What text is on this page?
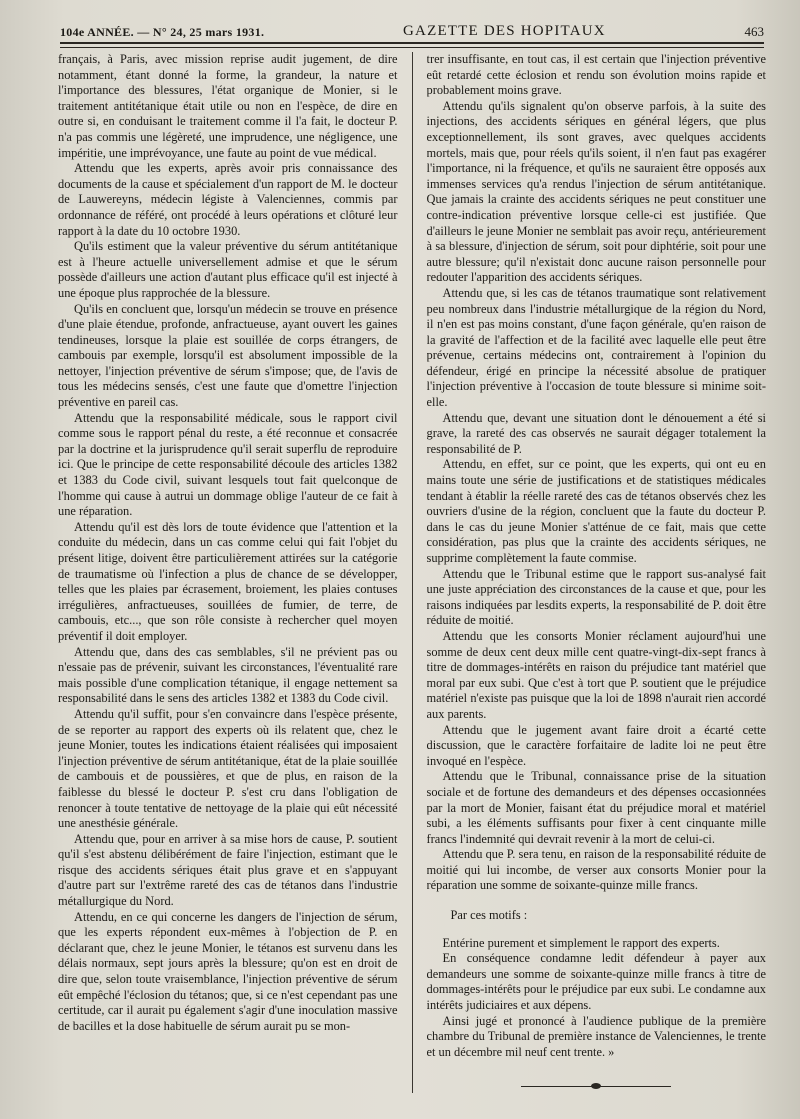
104e ANNÉE. — N° 24, 25 mars 1931.	GAZETTE DES HOPITAUX	463

français, à Paris, avec mission reprise audit jugement, de dire notamment, étant donné la forme, la grandeur, la nature et l'importance des blessures, l'état organique de Monier, si le traitement antitétanique était utile ou non en l'espèce, de dire en outre si, en conduisant le traitement comme il l'a fait, le docteur P. n'a pas commis une légèreté, une imprudence, une négligence, une impéritie, une imprévoyance, une faute au point de vue médical.

Attendu que les experts, après avoir pris connaissance des documents de la cause et spécialement d'un rapport de M. le docteur de Lauwereyns, médecin légiste à Valenciennes, commis par ordonnance de référé, ont procédé à leurs opérations et clôturé leur rapport à la date du 10 octobre 1930.

Qu'ils estiment que la valeur préventive du sérum antitétanique est à l'heure actuelle universellement admise et que le sérum possède d'ailleurs une action d'autant plus efficace qu'il est injecté à une époque plus rapprochée de la blessure.

Qu'ils en concluent que, lorsqu'un médecin se trouve en présence d'une plaie étendue, profonde, anfractueuse, ayant ouvert les gaines tendineuses, lorsque la plaie est souillée de corps étrangers, de cambouis par exemple, lorsqu'il est absolument impossible de la nettoyer, l'injection préventive de sérum s'impose; que, de l'avis de tous les médecins sensés, c'est une faute que d'omettre l'injection préventive en pareil cas.

Attendu que la responsabilité médicale, sous le rapport civil comme sous le rapport pénal du reste, a été reconnue et consacrée par la doctrine et la jurisprudence qu'il serait superflu de reproduire ici. Que le principe de cette responsabilité découle des articles 1382 et 1383 du Code civil, suivant lesquels tout fait quelconque de l'homme qui cause à autrui un dommage oblige l'auteur de ce fait à une réparation.

Attendu qu'il est dès lors de toute évidence que l'attention et la conduite du médecin, dans un cas comme celui qui fait l'objet du présent litige, doivent être particulièrement attirées sur la catégorie de traumatisme où l'infection a plus de chance de se développer, telles que les plaies par écrasement, broiement, les plaies contuses irrégulières, anfractueuses, souillées de fumier, de terre, de cambouis, etc..., que son rôle consiste à rechercher quel moyen préventif il doit employer.

Attendu que, dans des cas semblables, s'il ne prévient pas ou n'essaie pas de prévenir, suivant les circonstances, l'éventualité rare mais possible d'une complication tétanique, il engage nettement sa responsabilité dans le sens des articles 1382 et 1383 du Code civil.

Attendu qu'il suffit, pour s'en convaincre dans l'espèce présente, de se reporter au rapport des experts où ils relatent que, chez le jeune Monier, toutes les indications étaient réalisées qui imposaient l'injection préventive de sérum antitétanique, état de la plaie souillée de cambouis et de poussières, et que de plus, en raison de la faiblesse du blessé le docteur P. s'est cru dans l'obligation de renoncer à toute tentative de nettoyage de la plaie qui eût nécessité une anesthésie générale.

Attendu que, pour en arriver à sa mise hors de cause, P. soutient qu'il s'est abstenu délibérément de faire l'injection, estimant que le risque des accidents sériques était plus grave et en s'appuyant d'autre part sur l'extrême rareté des cas de tétanos dans l'industrie métallurgique du Nord.

Attendu, en ce qui concerne les dangers de l'injection de sérum, que les experts répondent eux-mêmes à l'objection de P. en déclarant que, chez le jeune Monier, le tétanos est survenu dans les délais normaux, sept jours après la blessure; qu'on est en droit de dire que, selon toute vraisemblance, l'injection préventive de sérum eût empêché l'éclosion du tétanos; que, si ce n'est cependant pas une certitude, car il aurait pu également s'agir d'une inoculation massive de bacilles et la dose habituelle de sérum aurait pu se mon-

trer insuffisante, en tout cas, il est certain que l'injection préventive eût retardé cette éclosion et rendu son évolution moins rapide et probablement moins grave.

Attendu qu'ils signalent qu'on observe parfois, à la suite des injections, des accidents sériques en général légers, que plus exceptionnellement, ils sont graves, avec quelques accidents mortels, mais que, pour réels qu'ils soient, il n'en faut pas exagérer l'importance, ni la fréquence, et qu'ils ne sauraient être opposés aux immenses services qu'a rendus l'injection de sérum antitétanique. Que jamais la crainte des accidents sériques ne peut constituer une contre-indication préventive lorsque celle-ci est justifiée. Que d'ailleurs le jeune Monier ne semblait pas avoir reçu, antérieurement à sa blessure, d'injection de sérum, soit pour diphtérie, soit pour une autre blessure; qu'il n'existait donc aucune raison personnelle pour redouter l'apparition des accidents sériques.

Attendu que, si les cas de tétanos traumatique sont relativement peu nombreux dans l'industrie métallurgique de la région du Nord, il n'en est pas moins constant, d'une façon générale, qu'en raison de la gravité de l'affection et de la facilité avec laquelle elle peut être prévenue, certains médecins ont, contrairement à l'opinion du défendeur, érigé en principe la nécessité absolue de pratiquer l'injection préventive à l'occasion de toute blessure si minime soit-elle.

Attendu que, devant une situation dont le dénouement a été si grave, la rareté des cas observés ne saurait dégager totalement la responsabilité de P.

Attendu, en effet, sur ce point, que les experts, qui ont eu en mains toute une série de justifications et de statistiques médicales tendant à établir la réelle rareté des cas de tétanos observés chez les ouvriers d'usine de la région, concluent que la faute du docteur P. dans le cas du jeune Monier s'atténue de ce fait, mais que cette considération, pas plus que la crainte des accidents sériques, ne supprime complètement la faute commise.

Attendu que le Tribunal estime que le rapport sus-analysé fait une juste appréciation des circonstances de la cause et que, pour les raisons indiquées par lesdits experts, la responsabilité de P. doit être réduite de moitié.

Attendu que les consorts Monier réclament aujourd'hui une somme de deux cent deux mille cent quatre-vingt-dix-sept francs à titre de dommages-intérêts en raison du préjudice tant matériel que moral par eux subi. Que c'est à tort que P. soutient que le préjudice matériel n'existe pas puisque que la loi de 1898 n'aurait rien accordé aux parents.

Attendu que le jugement avant faire droit a écarté cette discussion, que le caractère forfaitaire de ladite loi ne peut être invoqué en l'espèce.

Attendu que le Tribunal, connaissance prise de la situation sociale et de fortune des demandeurs et des dépenses occasionnées par la mort de Monier, faisant état du préjudice moral et matériel subi, a les éléments suffisants pour fixer à cent cinquante mille francs l'indemnité qui devrait revenir à la mort de celui-ci.

Attendu que P. sera tenu, en raison de la responsabilité réduite de moitié qui lui incombe, de verser aux consorts Monier pour la réparation une somme de soixante-quinze mille francs.

Par ces motifs :

Entérine purement et simplement le rapport des experts.

En conséquence condamne ledit défendeur à payer aux demandeurs une somme de soixante-quinze mille francs à titre de dommages-intérêts pour le préjudice par eux subi. Le condamne aux intérêts judiciaires et aux dépens.

Ainsi jugé et prononcé à l'audience publique de la première chambre du Tribunal de première instance de Valenciennes, le trente et un décembre mil neuf cent trente. »
